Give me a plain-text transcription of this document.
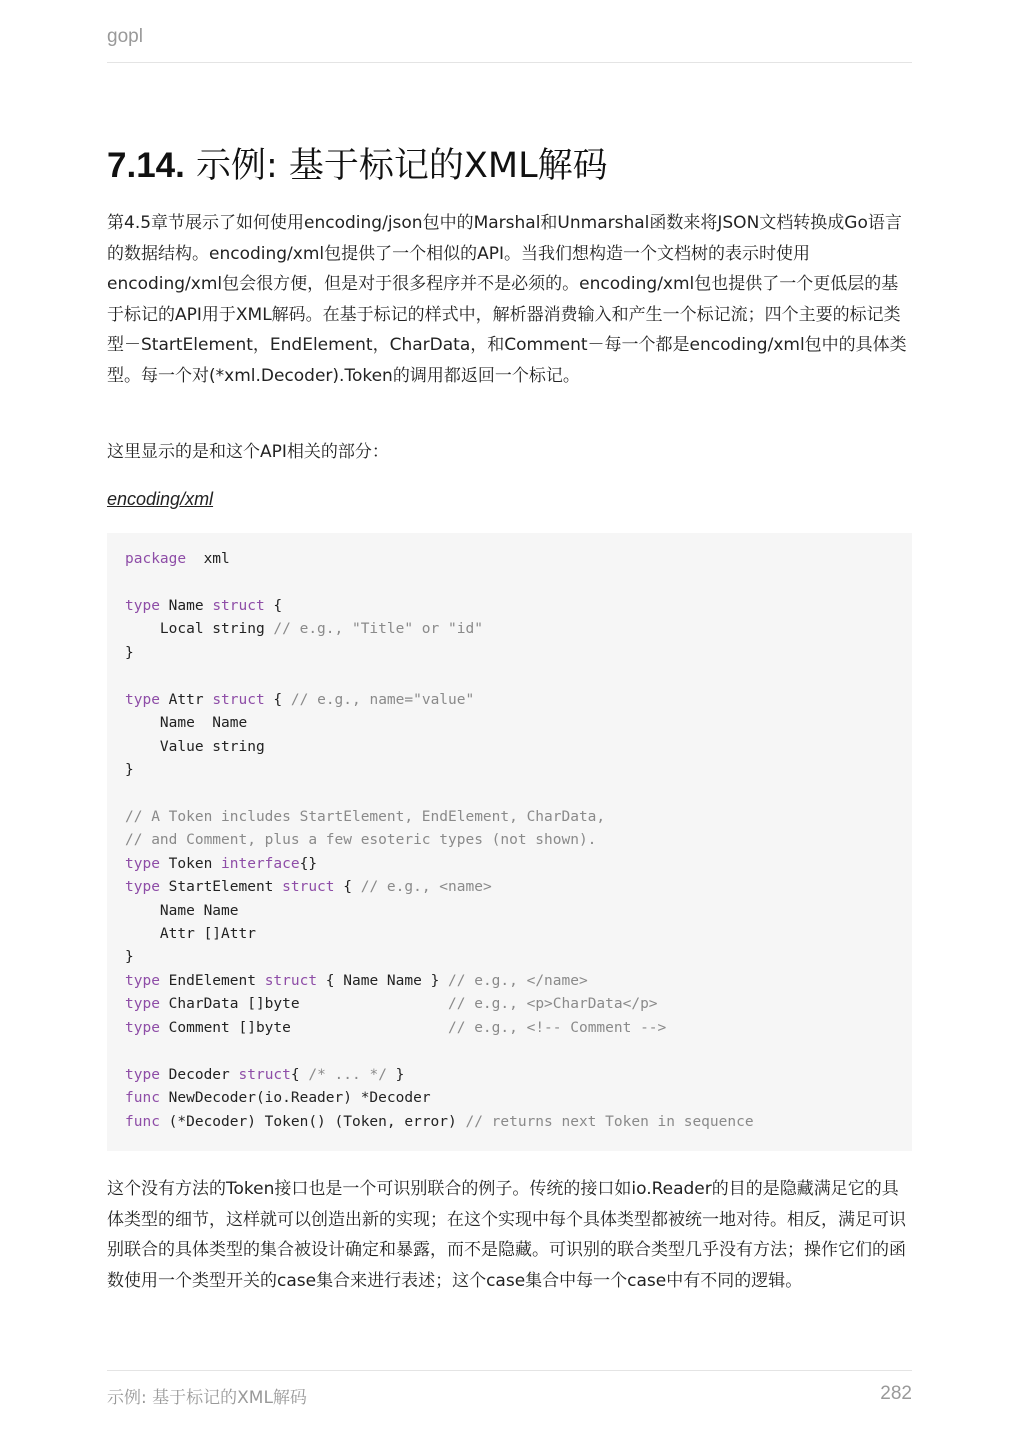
gopl
7.14. 示例: 基于标记的XML解码

第4.5章节展示了如何使用encoding/json包中的Marshal和Unmarshal函数来将JSON文档转换成Go语言的数据结构。encoding/xml包提供了一个相似的API。当我们想构造一个文档树的表示时使用encoding/xml包会很方便，但是对于很多程序并不是必须的。encoding/xml包也提供了一个更低层的基于标记的API用于XML解码。在基于标记的样式中，解析器消费输入和产生一个标记流；四个主要的标记类型－StartElement，EndElement，CharData，和Comment－每一个都是encoding/xml包中的具体类型。每一个对(*xml.Decoder).Token的调用都返回一个标记。

这里显示的是和这个API相关的部分：

encoding/xml
package  xml
type Name struct {
Local string // e.g., "Title" or "id"
}
type Attr struct { // e.g., name="value"
Name  Name
Value string
}
// A Token includes StartElement, EndElement, CharData,
// and Comment, plus a few esoteric types (not shown).
type Token interface{}
type StartElement struct { // e.g., <name>
Name Name
Attr []Attr
}
type EndElement struct { Name Name } // e.g., </name>
type CharData []byte                 // e.g., <p>CharData</p>
type Comment []byte                  // e.g., <!-- Comment -->
type Decoder struct{ /* ... */ }
func NewDecoder(io.Reader) *Decoder
func (*Decoder) Token() (Token, error) // returns next Token in sequence

这个没有方法的Token接口也是一个可识别联合的例子。传统的接口如io.Reader的目的是隐藏满足它的具体类型的细节，这样就可以创造出新的实现；在这个实现中每个具体类型都被统一地对待。相反，满足可识别联合的具体类型的集合被设计确定和暴露，而不是隐藏。可识别的联合类型几乎没有方法；操作它们的函数使用一个类型开关的case集合来进行表述；这个case集合中每一个case中有不同的逻辑。

示例: 基于标记的XML解码	282
